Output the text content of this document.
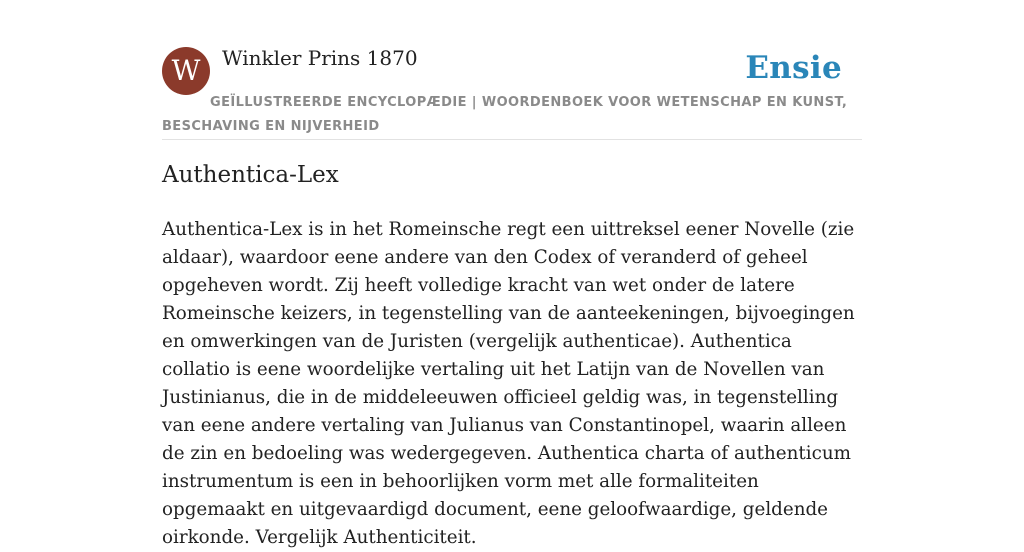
W	Winkler Prins 1870	Ensie
GEÏLLUSTREERDE ENCYCLOPÆDIE | WOORDENBOEK VOOR WETENSCHAP EN KUNST, BESCHAVING EN NIJVERHEID
Authentica-Lex

Authentica-Lex is in het Romeinsche regt een uittreksel eener Novelle (zie aldaar), waardoor eene andere van den Codex of veranderd of geheel opgeheven wordt. Zij heeft volledige kracht van wet onder de latere Romeinsche keizers, in tegenstelling van de aanteekeningen, bijvoegingen en omwerkingen van de Juristen (vergelijk authenticae). Authentica collatio is eene woordelijke vertaling uit het Latijn van de Novellen van Justinianus, die in de middeleeuwen officieel geldig was, in tegenstelling van eene andere vertaling van Julianus van Constantinopel, waarin alleen de zin en bedoeling was wedergegeven. Authentica charta of authenticum instrumentum is een in behoorlijken vorm met alle formaliteiten opgemaakt en uitgevaardigd document, eene geloofwaardige, geldende oirkonde. Vergelijk Authenticiteit.
